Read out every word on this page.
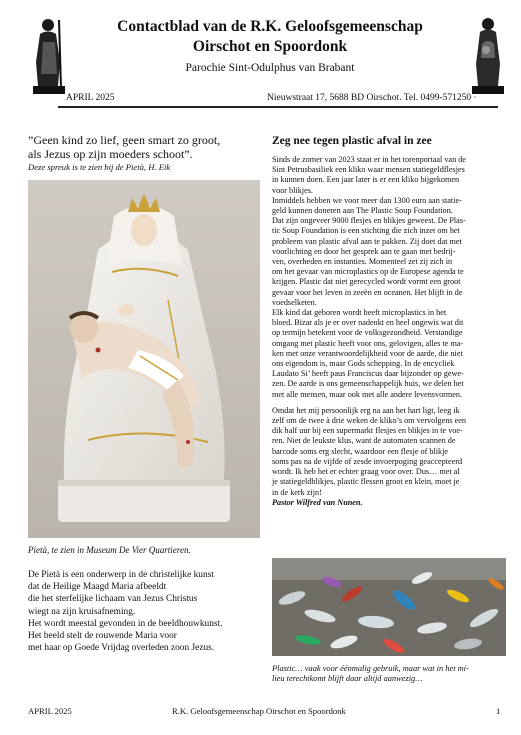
Contactblad van de R.K. Geloofsgemeenschap
Oirschot en Spoordonk
Parochie Sint-Odulphus van Brabant
APRIL 2025	Nieuwstraat 17, 5688 BD Oirschot. Tel. 0499-571250 ·
”Geen kind zo lief, geen smart zo groot,
als Jezus op zijn moeders schoot”.
Deze spreuk is te zien bij de Pietà, H. Eik
Pietà, te zien in Museum De Vier Quartieren.
De Pietà is een onderwerp in de christelijke kunst
dat de Heilige Maagd Maria afbeeldt
die het sterfelijke lichaam van Jezus Christus
wiegt na zijn kruisafneming.
Het wordt meestal gevonden in de beeldhouwkunst.
Het beeld stelt de rouwende Maria voor
met haar op Goede Vrijdag overleden zoon Jezus.
Zeg nee tegen plastic afval in zee
Sinds de zomer van 2023 staat er in het torenportaal van de
Sint Petrusbasiliek een kliko waar mensen statiegeldflesjes
in kunnen doen. Een jaar later is er een kliko bijgekomen
voor blikjes.
Inmiddels hebben we voor meer dan 1300 euro aan statie-
geld kunnen doneren aan The Plastic Soup Foundation.
Dat zijn ongeveer 9000 flesjes en blikjes geweest. De Plas-
tic Soup Foundation is een stichting die zich inzet om het
probleem van plastic afval aan te pakken. Zij doet dat met
voorlichting en door het gesprek aan te gaan met bedrij-
ven, overheden en instanties. Momenteel zet zij zich in
om het gevaar van microplastics op de Europese agenda te
krijgen. Plastic dat niet gerecycled wordt vormt een groot
gevaar voor het leven in zeeën en oceanen. Het blijft in de
voedselketen.
Elk kind dat geboren wordt heeft microplastics in het
bloed. Bizar als je er over nadenkt en heel ongewis wat dit
op termijn betekent voor de volksgezondheid. Verstandige
omgang met plastic heeft voor ons, gelovigen, alles te ma-
ken met onze verantwoordelijkheid voor de aarde, die niet
ons eigendom is, maar Gods schepping. In de encycliek
Laudato Si’ heeft paus Franciscus daar bijzonder op gewe-
zen. De aarde is ons gemeenschappelijk huis, we delen het
met alle mensen, maar ook met alle andere levensvormen.
Omdat het mij persoonlijk erg na aan het hart ligt, leeg ik
zelf om de twee à drie weken de kliko’s om vervolgens een
dik half uur bij een supermarkt flesjes en blikjes in te voe-
ren. Niet de leukste klus, want de automaten scannen de
barcode soms erg slecht, waardoor een flesje of blikje
soms pas na de vijfde of zesde invoerpoging geaccepteerd
wordt. Ik heb het er echter graag voor over. Dus… met al
je statiegeldblikjes, plastic flessen groot en klein, moet je
in de kerk zijn!
Pastor Wilfred van Nunen.
Plastic… vaak voor éénmalig gebruik, maar wat in het mi-
lieu terechtkomt blijft daar altijd aanwezig…
APRIL 2025	R.K. Geloofsgemeenschap Oirschot en Spoordonk	1
